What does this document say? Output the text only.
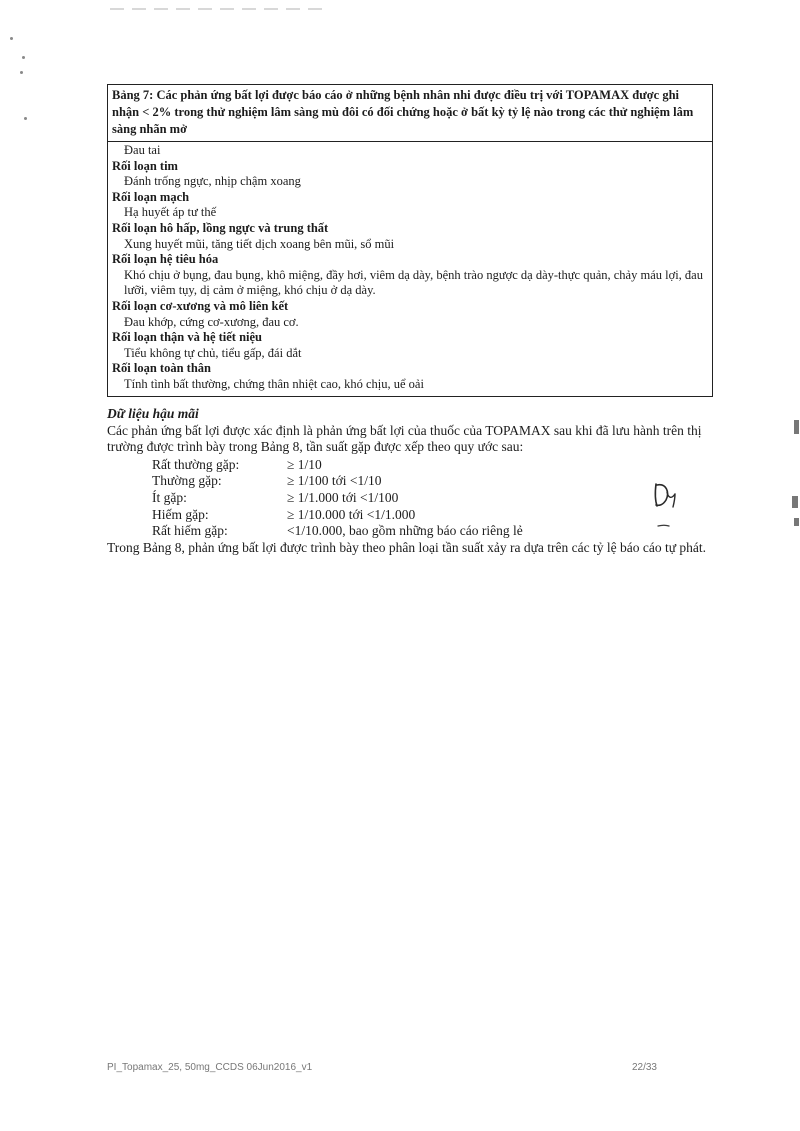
Bảng 7: Các phản ứng bất lợi được báo cáo ở những bệnh nhân nhi được điều trị với TOPAMAX được ghi nhận < 2% trong thử nghiệm lâm sàng mù đôi có đối chứng hoặc ở bất kỳ tỷ lệ nào trong các thử nghiệm lâm sàng nhãn mở
Đau tai
Rối loạn tim
Đánh trống ngực, nhịp chậm xoang
Rối loạn mạch
Hạ huyết áp tư thế
Rối loạn hô hấp, lồng ngực và trung thất
Xung huyết mũi, tăng tiết dịch xoang bên mũi, sổ mũi
Rối loạn hệ tiêu hóa
Khó chịu ở bụng, đau bụng, khô miệng, đầy hơi, viêm dạ dày, bệnh trào ngược dạ dày-thực quản, chảy máu lợi, đau lưỡi, viêm tụy, dị cảm ở miệng, khó chịu ở dạ dày.
Rối loạn cơ-xương và mô liên kết
Đau khớp, cứng cơ-xương, đau cơ.
Rối loạn thận và hệ tiết niệu
Tiểu không tự chủ, tiểu gấp, đái dắt
Rối loạn toàn thân
Tính tình bất thường, chứng thân nhiệt cao, khó chịu, uể oải
Dữ liệu hậu mãi
Các phản ứng bất lợi được xác định là phản ứng bất lợi của thuốc của TOPAMAX sau khi đã lưu hành trên thị trường được trình bày trong Bảng 8, tần suất gặp được xếp theo quy ước sau:
Rất thường gặp:	≥ 1/10
Thường gặp:	≥ 1/100 tới <1/10
Ít gặp:	≥ 1/1.000 tới <1/100
Hiếm gặp:	≥ 1/10.000 tới <1/1.000
Rất hiếm gặp:	<1/10.000, bao gồm những báo cáo riêng lẻ
Trong Bảng 8, phản ứng bất lợi được trình bày theo phân loại tần suất xảy ra dựa trên các tỷ lệ báo cáo tự phát.
PI_Topamax_25, 50mg_CCDS 06Jun2016_v1	22/33
